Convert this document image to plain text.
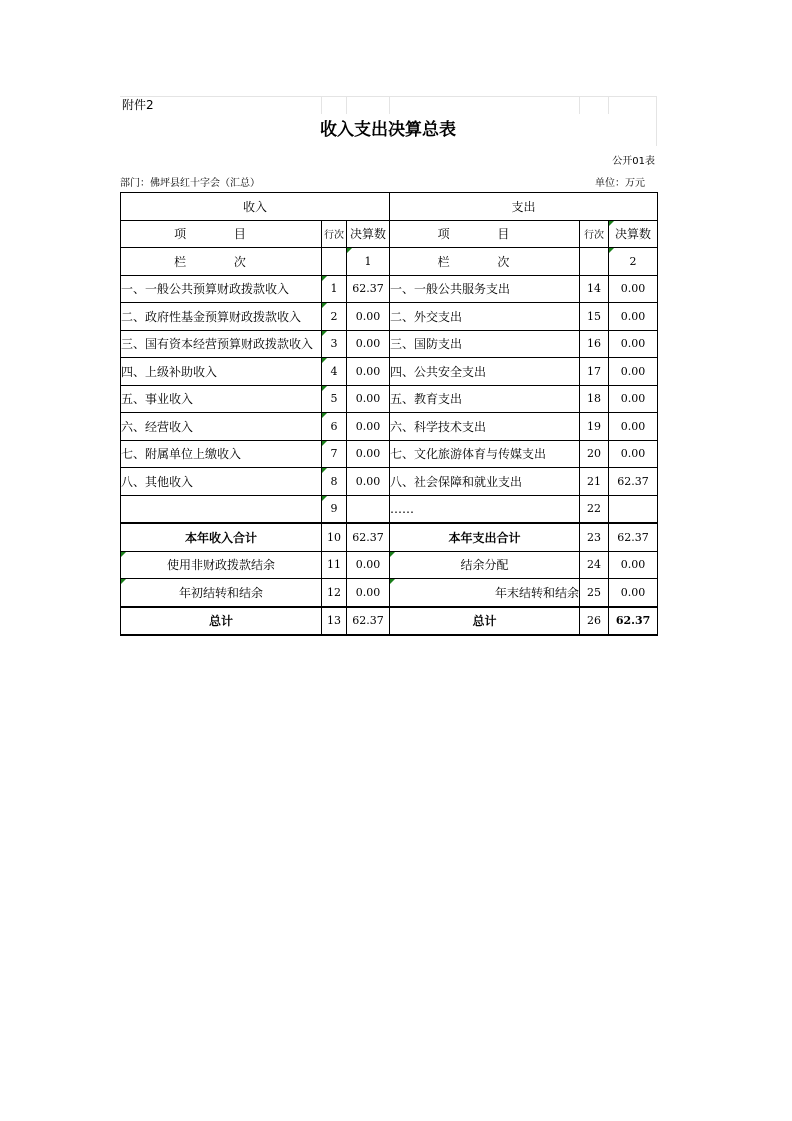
附件2
收入支出决算总表
公开01表
部门：佛坪县红十字会（汇总）	单位：万元
收入			支出		
项 目	行次	决算数	项 目	行次	决算数
栏 次		1	栏 次		2
一、一般公共预算财政拨款收入	1	62.37	一、一般公共服务支出	14	0.00
二、政府性基金预算财政拨款收入	2	0.00	二、外交支出	15	0.00
三、国有资本经营预算财政拨款收入	3	0.00	三、国防支出	16	0.00
四、上级补助收入	4	0.00	四、公共安全支出	17	0.00
五、事业收入	5	0.00	五、教育支出	18	0.00
六、经营收入	6	0.00	六、科学技术支出	19	0.00
七、附属单位上缴收入	7	0.00	七、文化旅游体育与传媒支出	20	0.00
八、其他收入	8	0.00	八、社会保障和就业支出	21	62.37
	9		……	22	
本年收入合计	10	62.37	本年支出合计	23	62.37
使用非财政拨款结余	11	0.00	结余分配	24	0.00
年初结转和结余	12	0.00	年末结转和结余	25	0.00
总计	13	62.37	总计	26	62.37
